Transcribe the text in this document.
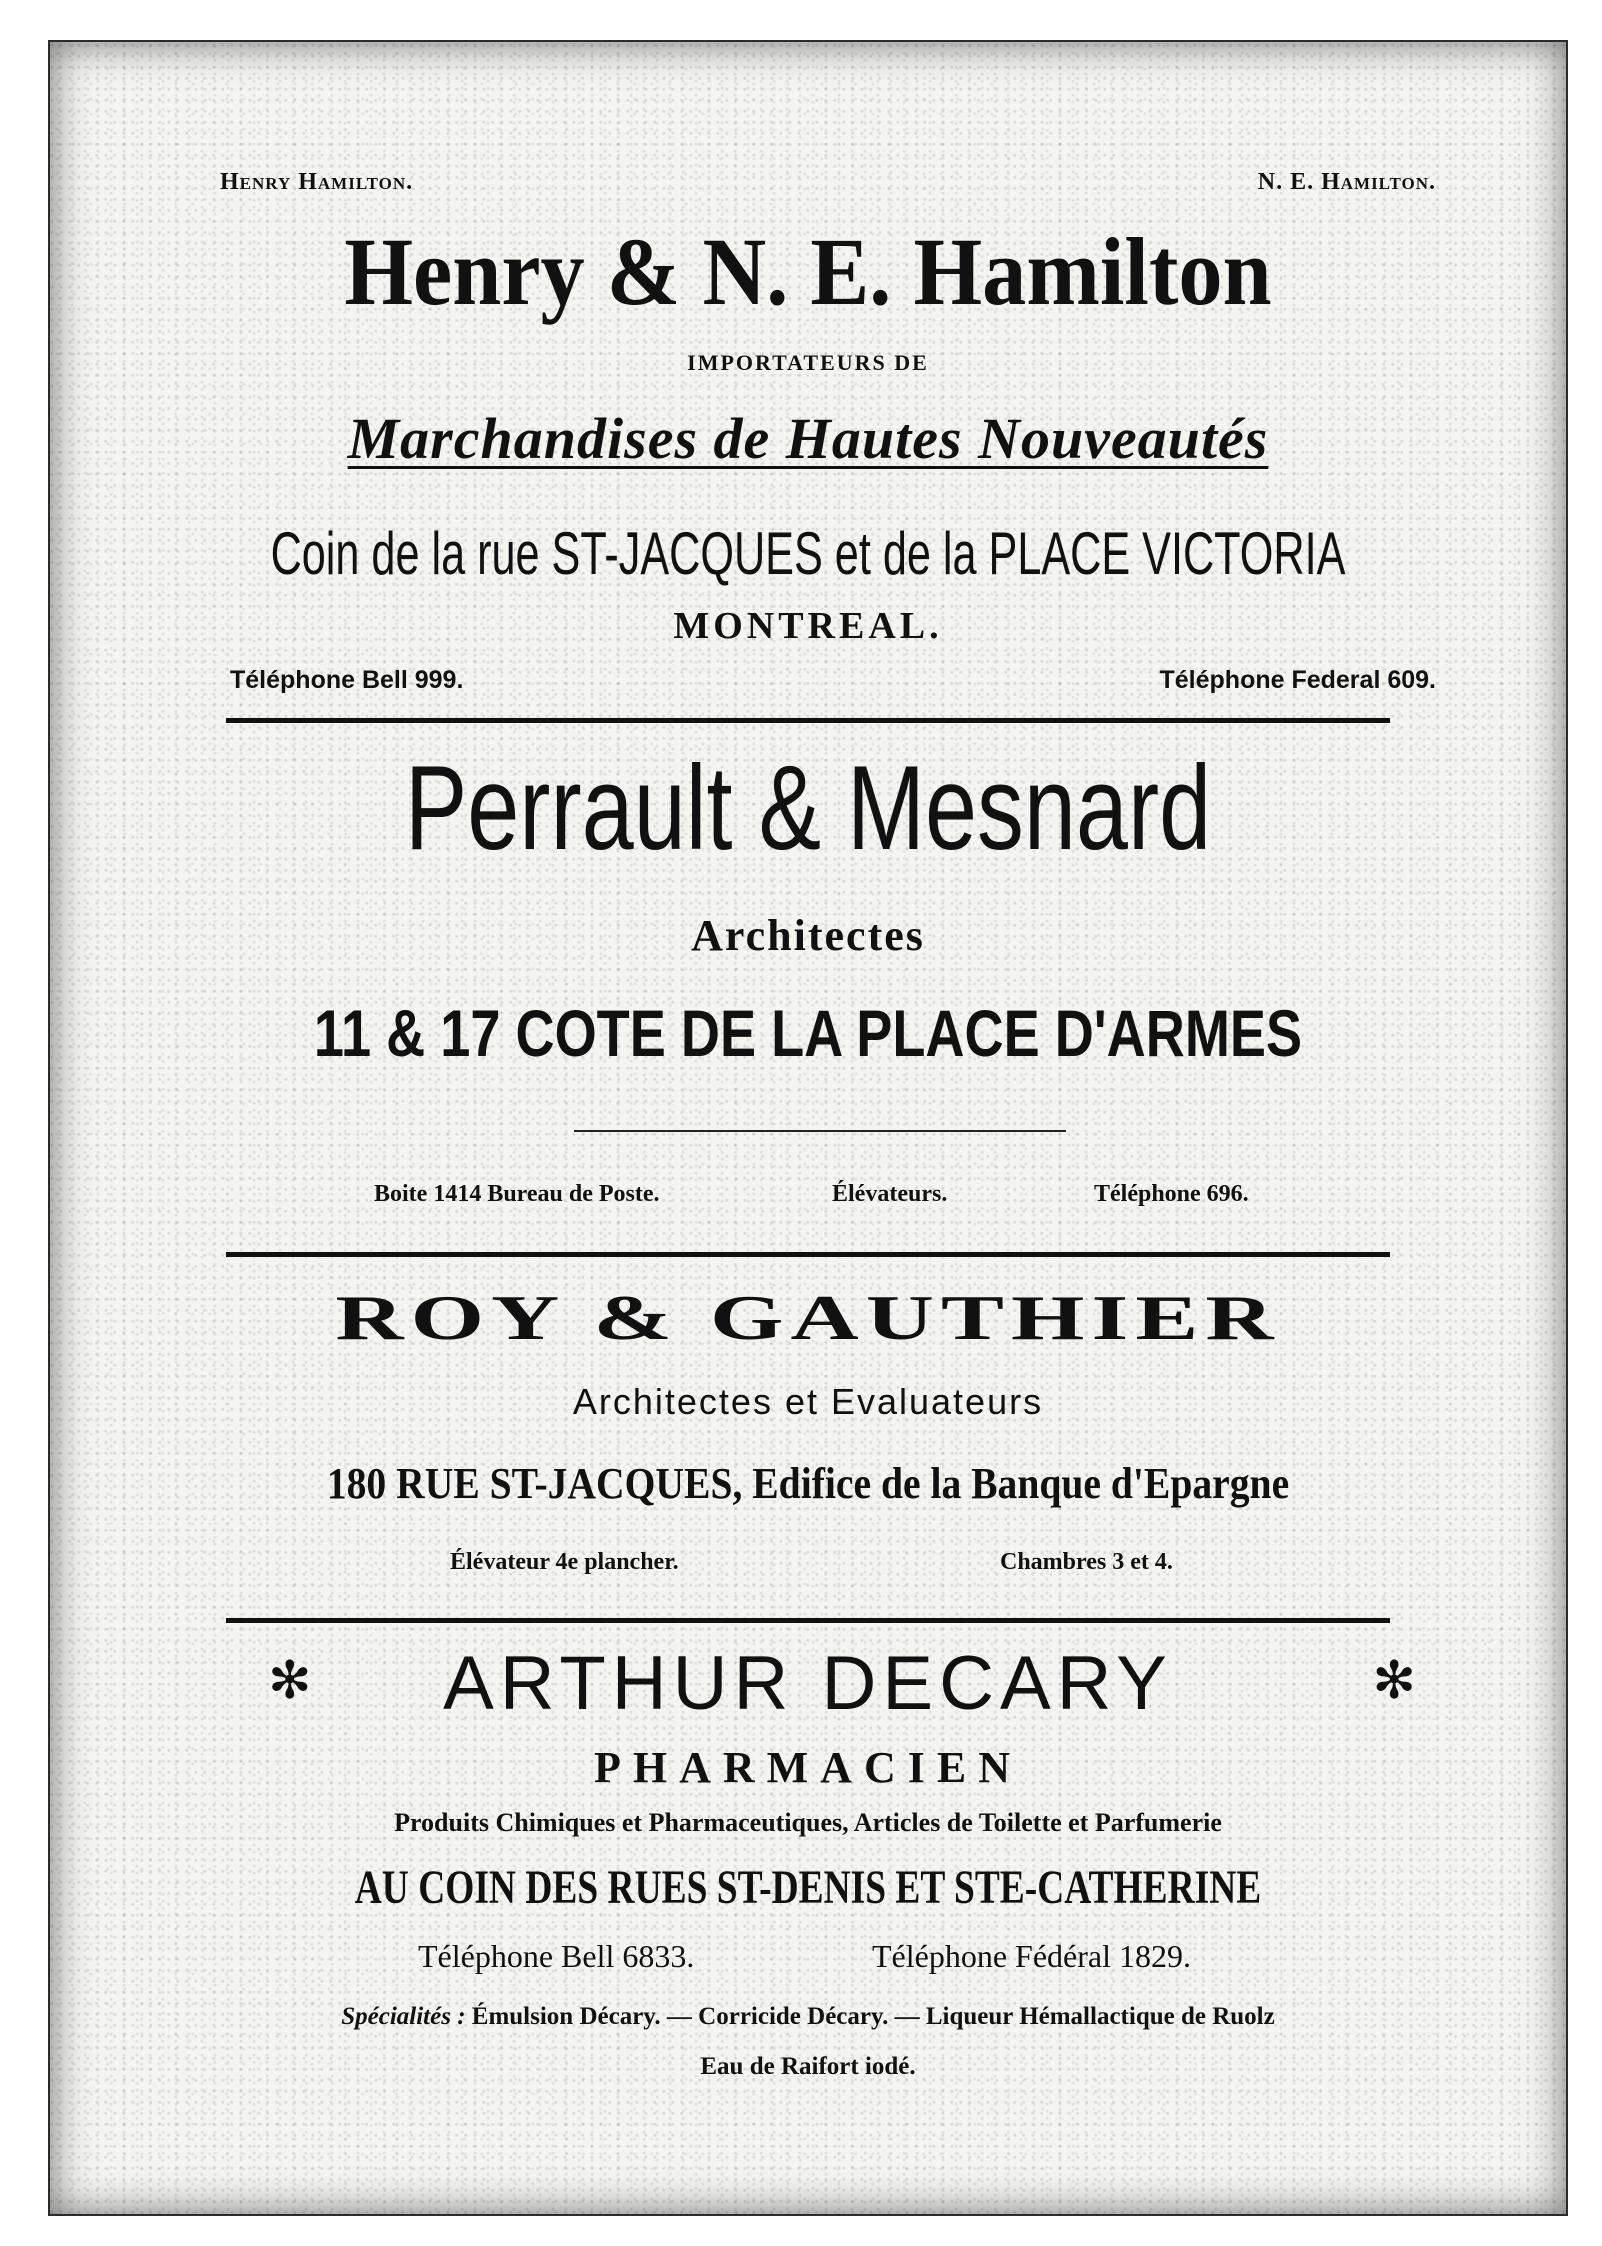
Henry Hamilton.	N. E. Hamilton.
Henry & N. E. Hamilton
IMPORTATEURS DE
Marchandises de Hautes Nouveautés
Coin de la rue ST-JACQUES et de la PLACE VICTORIA
MONTREAL.
Téléphone Bell 999.	Téléphone Federal 609.
Perrault & Mesnard
Architectes
11 & 17 COTE DE LA PLACE D'ARMES
Boite 1414 Bureau de Poste.	Élévateurs.	Téléphone 696.
ROY & GAUTHIER
Architectes et Evaluateurs
180 RUE ST-JACQUES, Edifice de la Banque d'Epargne
Élévateur 4e plancher.	Chambres 3 et 4.
✻	ARTHUR DECARY	✻
PHARMACIEN
Produits Chimiques et Pharmaceutiques, Articles de Toilette et Parfumerie
AU COIN DES RUES ST-DENIS ET STE-CATHERINE
Téléphone Bell 6833.	Téléphone Fédéral 1829.
Spécialités : Émulsion Décary. — Corricide Décary. — Liqueur Hémallactique de Ruolz
Eau de Raifort iodé.
